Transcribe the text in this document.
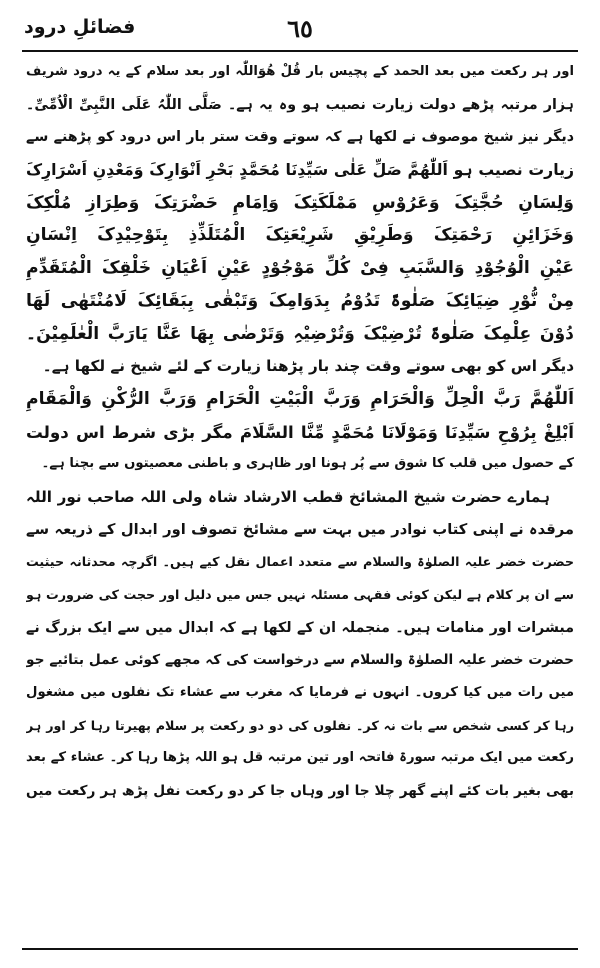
فضائلِ درود	٦٥
اور ہر رکعت میں بعد الحمد کے پچیس بار قُلْ ھُوَاللّٰہ اور بعد سلام کے یہ درود شریف
ہزار مرتبہ پڑھے دولت زیارت نصیب ہو وہ یہ ہے۔ صَلَّی اللّٰہُ عَلَی النَّبِیِّ الْاُمِّیِّ۔
دیگر نیز شیخ موصوف نے لکھا ہے کہ سوتے وقت ستر بار اس درود کو پڑھنے سے
زیارت نصیب ہو اَللّٰھُمَّ صَلِّ عَلٰی سَیِّدِنَا مُحَمَّدٍ بَحْرِ اَنْوَارِکَ وَمَعْدِنِ اَسْرَارِکَ
وَلِسَانِ حُجَّتِکَ وَعَرُوْسِ مَمْلَکَتِکَ وَاِمَامِ حَضْرَتِکَ وَطِرَازِ مُلْکِکَ
وَخَزَائِنِ رَحْمَتِکَ وَطَرِیْقِ شَرِیْعَتِکَ الْمُتَلَذِّذِ بِتَوْحِیْدِکَ اِنْسَانِ
عَیْنِ الْوُجُوْدِ وَالسَّبَبِ فِیْ کُلِّ مَوْجُوْدٍ عَیْنِ اَعْیَانِ خَلْقِکَ الْمُتَقَدِّمِ
مِنْ نُّوْرِ ضِیَائِکَ صَلٰوۃً تَدُوْمُ بِدَوَامِکَ وَتَبْقٰی بِبَقَائِکَ لَامُنْتَھٰی لَھَا
دُوْنَ عِلْمِکَ صَلٰوۃً تُرْضِیْکَ وَتُرْضِیْہِ وَتَرْضٰی بِھَا عَنَّا یَارَبَّ الْعٰلَمِیْنَ۔
دیگر اس کو بھی سوتے وقت چند بار پڑھنا زیارت کے لئے شیخ نے لکھا ہے۔
اَللّٰھُمَّ رَبَّ الْحِلِّ وَالْحَرَامِ وَرَبَّ الْبَیْتِ الْحَرَامِ وَرَبَّ الرُّکْنِ وَالْمَقَامِ
اَبْلِغْ بِرُوْحِ سَیِّدِنَا وَمَوْلَانَا مُحَمَّدٍ مِّنَّا السَّلَامَ مگر بڑی شرط اس دولت
کے حصول میں قلب کا شوق سے پُر ہونا اور ظاہری و باطنی معصیتوں سے بچنا ہے۔
ہمارے حضرت شیخ المشائخ قطب الارشاد شاہ ولی اللہ صاحب نور اللہ
مرقدہ نے اپنی کتاب نوادر میں بہت سے مشائخ تصوف اور ابدال کے ذریعہ سے
حضرت خضر علیہ الصلوٰۃ والسلام سے متعدد اعمال نقل کیے ہیں۔ اگرچہ محدثانہ حیثیت
سے ان پر کلام ہے لیکن کوئی فقہی مسئلہ نہیں جس میں دلیل اور حجت کی ضرورت ہو
مبشرات اور منامات ہیں۔ منجملہ ان کے لکھا ہے کہ ابدال میں سے ایک بزرگ نے
حضرت خضر علیہ الصلوٰۃ والسلام سے درخواست کی کہ مجھے کوئی عمل بتائیے جو
میں رات میں کیا کروں۔ انہوں نے فرمایا کہ مغرب سے عشاء تک نفلوں میں مشغول
رہا کر کسی شخص سے بات نہ کر۔ نفلوں کی دو دو رکعت پر سلام پھیرتا رہا کر اور ہر
رکعت میں ایک مرتبہ سورۃ فاتحہ اور تین مرتبہ قل ہو اللہ پڑھا رہا کر۔ عشاء کے بعد
بھی بغیر بات کئے اپنے گھر چلا جا اور وہاں جا کر دو رکعت نفل پڑھ ہر رکعت میں
